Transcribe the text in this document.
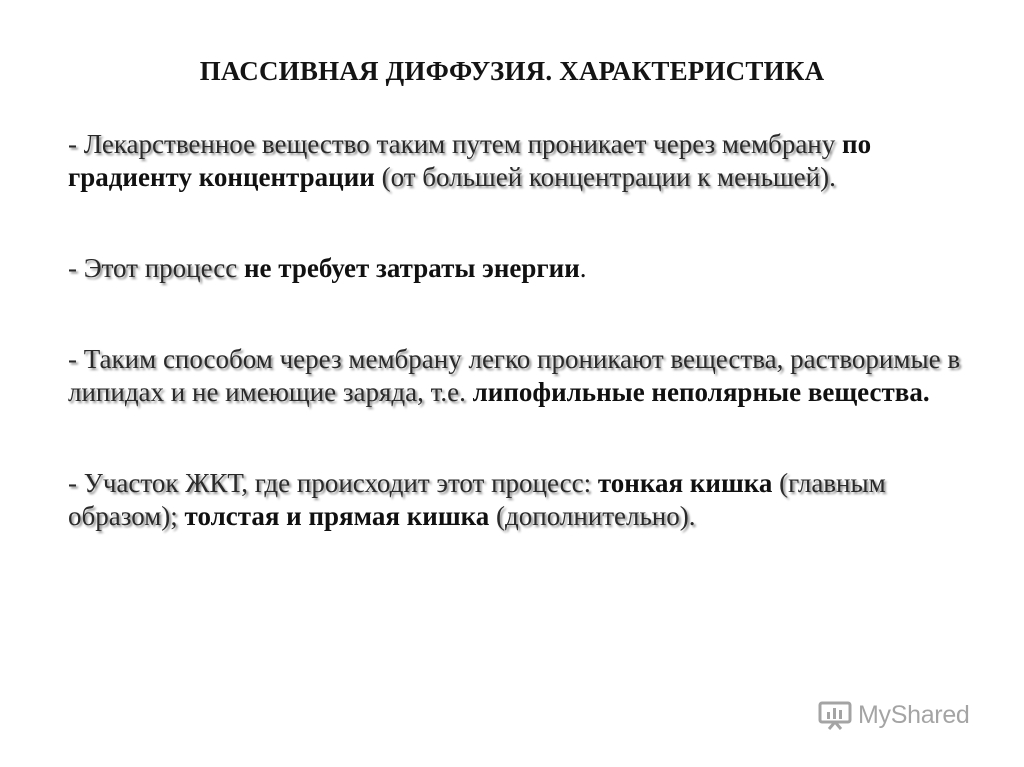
ПАССИВНАЯ ДИФФУЗИЯ. ХАРАКТЕРИСТИКА

- Лекарственное вещество таким путем проникает через мембрану по градиенту концентрации (от большей концентрации к меньшей).

- Этот процесс не требует затраты энергии.

- Таким способом через мембрану легко проникают вещества, растворимые в липидах и не имеющие заряда, т.е. липофильные неполярные вещества.

- Участок ЖКТ, где происходит этот процесс: тонкая кишка (главным образом); толстая и прямая кишка (дополнительно).

MyShared
